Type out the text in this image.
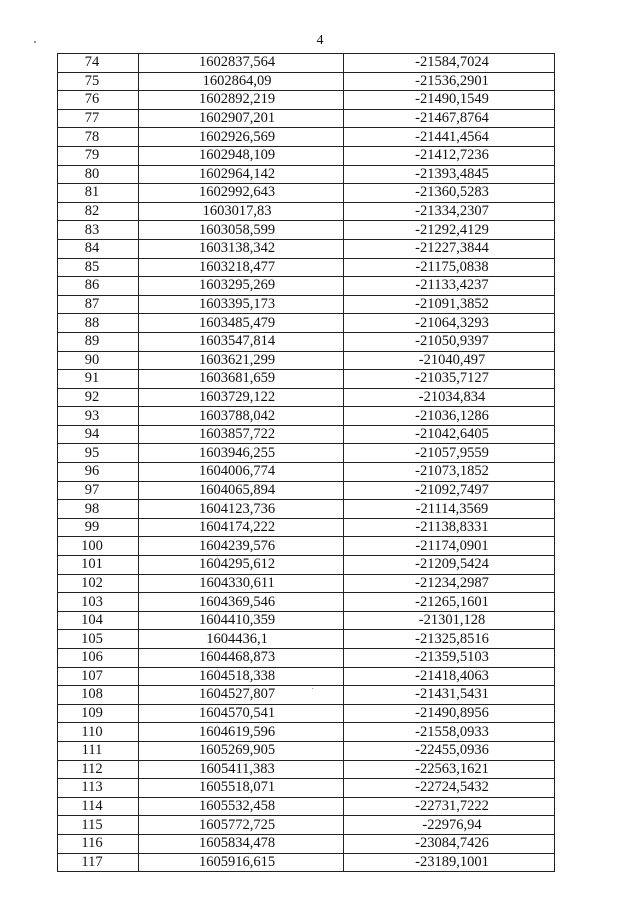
4
74	1602837,564	-21584,7024
75	1602864,09	-21536,2901
76	1602892,219	-21490,1549
77	1602907,201	-21467,8764
78	1602926,569	-21441,4564
79	1602948,109	-21412,7236
80	1602964,142	-21393,4845
81	1602992,643	-21360,5283
82	1603017,83	-21334,2307
83	1603058,599	-21292,4129
84	1603138,342	-21227,3844
85	1603218,477	-21175,0838
86	1603295,269	-21133,4237
87	1603395,173	-21091,3852
88	1603485,479	-21064,3293
89	1603547,814	-21050,9397
90	1603621,299	-21040,497
91	1603681,659	-21035,7127
92	1603729,122	-21034,834
93	1603788,042	-21036,1286
94	1603857,722	-21042,6405
95	1603946,255	-21057,9559
96	1604006,774	-21073,1852
97	1604065,894	-21092,7497
98	1604123,736	-21114,3569
99	1604174,222	-21138,8331
100	1604239,576	-21174,0901
101	1604295,612	-21209,5424
102	1604330,611	-21234,2987
103	1604369,546	-21265,1601
104	1604410,359	-21301,128
105	1604436,1	-21325,8516
106	1604468,873	-21359,5103
107	1604518,338	-21418,4063
108	1604527,807	-21431,5431
109	1604570,541	-21490,8956
110	1604619,596	-21558,0933
111	1605269,905	-22455,0936
112	1605411,383	-22563,1621
113	1605518,071	-22724,5432
114	1605532,458	-22731,7222
115	1605772,725	-22976,94
116	1605834,478	-23084,7426
117	1605916,615	-23189,1001
